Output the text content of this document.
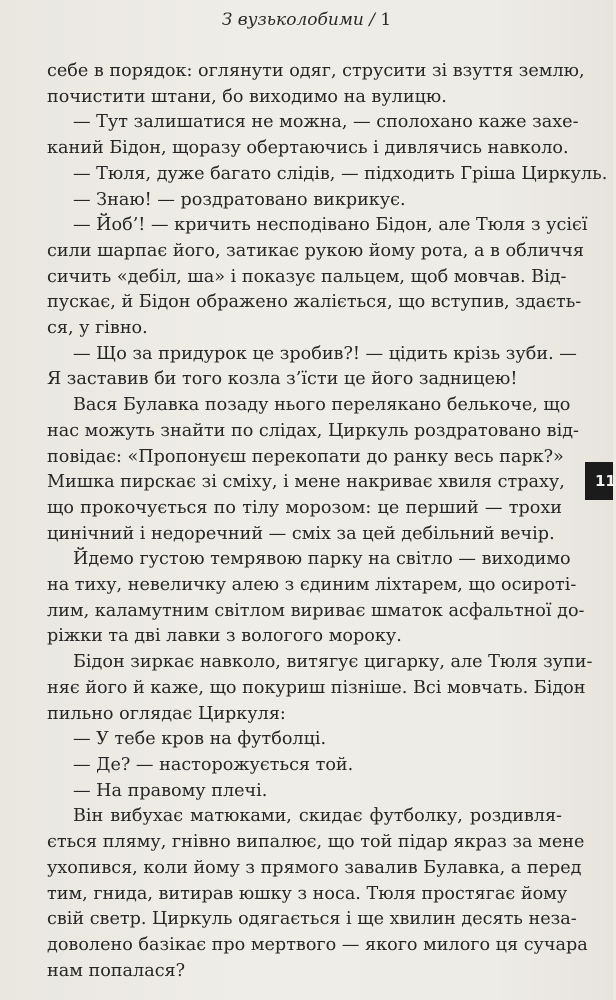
З вузьколобими / 1
себе в порядок: оглянути одяг, струсити зі взуття землю,
почистити штани, бо виходимо на вулицю.
— Тут залишатися не можна, — сполохано каже захе-
каний Бідон, щоразу обертаючись і дивлячись навколо.
— Тюля, дуже багато слідів, — підходить Гріша Циркуль.
— Знаю! — роздратовано викрикує.
— Йоб’! — кричить несподівано Бідон, але Тюля з усієї
сили шарпає його, затикає рукою йому рота, а в обличчя
сичить «дебіл, ша» і показує пальцем, щоб мовчав. Від-
пускає, й Бідон ображено жаліється, що вступив, здаєть-
ся, у гівно.
— Що за придурок це зробив?! — цідить крізь зуби. —
Я заставив би того козла з’їсти це його задницею!
Вася Булавка позаду нього перелякано белькоче, що
нас можуть знайти по слідах, Циркуль роздратовано від-
повідає: «Пропонуєш перекопати до ранку весь парк?»
Мишка пирскає зі сміху, і мене накриває хвиля страху,
що прокочується по тілу морозом: це перший — трохи
цинічний і недоречний — сміх за цей дебільний вечір.
Йдемо густою темрявою парку на світло — виходимо
на тиху, невеличку алею з єдиним ліхтарем, що осироті-
лим, каламутним світлом вириває шматок асфальтної до-
ріжки та дві лавки з вологого мороку.
Бідон зиркає навколо, витягує цигарку, але Тюля зупи-
няє його й каже, що покуриш пізніше. Всі мовчать. Бідон
пильно оглядає Циркуля:
— У тебе кров на футболці.
— Де? — насторожується той.
— На правому плечі.
Він вибухає матюками, скидає футболку, роздивля-
ється пляму, гнівно випалює, що той підар якраз за мене
ухопився, коли йому з прямого завалив Булавка, а перед
тим, гнида, витирав юшку з носа. Тюля простягає йому
свій светр. Циркуль одягається і ще хвилин десять неза-
доволено базікає про мертвого — якого милого ця сучара
нам попалася?
11
